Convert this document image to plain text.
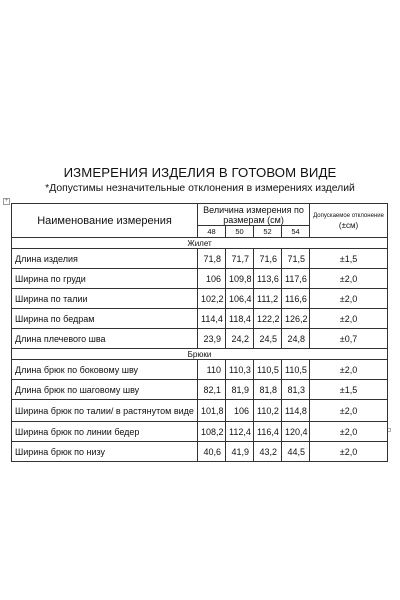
ИЗМЕРЕНИЯ ИЗДЕЛИЯ В ГОТОВОМ ВИДЕ
*Допустимы незначительные отклонения в измерениях изделий
+
Наименование измерения	Величина измерения по размерам (см)				Допускаемое отклонение
(±см)

	48	50	52	54	
Жилет					
Длина изделия	71,8	71,7	71,6	71,5	±1,5
Ширина по груди	106	109,8	113,6	117,6	±2,0
Ширина по талии	102,2	106,4	111,2	116,6	±2,0
Ширина по бедрам	114,4	118,4	122,2	126,2	±2,0
Длина плечевого шва	23,9	24,2	24,5	24,8	±0,7
Брюки					
Длина брюк по боковому шву	110	110,3	110,5	110,5	±2,0
Длина брюк по шаговому шву	82,1	81,9	81,8	81,3	±1,5
Ширина брюк по талии/ в растянутом виде	101,8	106	110,2	114,8	±2,0
Ширина брюк по линии бедер	108,2	112,4	116,4	120,4	±2,0
Ширина брюк по низу	40,6	41,9	43,2	44,5	±2,0
